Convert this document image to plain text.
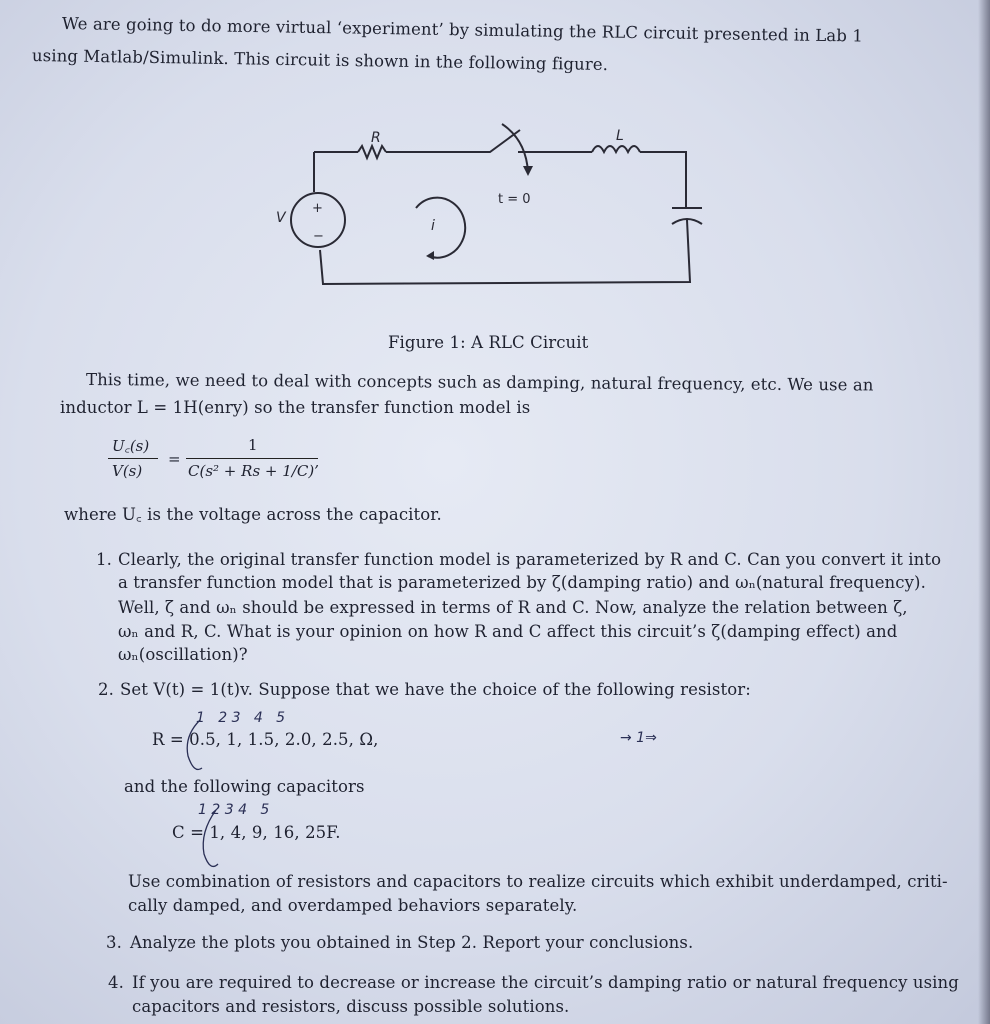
We are going to do more virtual ‘experiment’ by simulating the RLC circuit presented in Lab 1
using Matlab/Simulink. This circuit is shown in the following figure.
R	L
V	i
+
−
t = 0
Figure 1: A RLC Circuit
This time, we need to deal with concepts such as damping, natural frequency, etc. We use an
inductor L = 1H(enry) so the transfer function model is
U꜀(s)
V(s)
=
1
C(s² + Rs + 1/C)’
where U꜀ is the voltage across the capacitor.
1. Clearly, the original transfer function model is parameterized by R and C. Can you convert it into
a transfer function model that is parameterized by ζ(damping ratio) and ωₙ(natural frequency).
Well, ζ and ωₙ should be expressed in terms of R and C. Now, analyze the relation between ζ,
ωₙ and R, C. What is your opinion on how R and C affect this circuit’s ζ(damping effect) and
ωₙ(oscillation)?
2. Set V(t) = 1(t)v. Suppose that we have the choice of the following resistor:
1   2 3   4   5
R = 0.5, 1, 1.5, 2.0, 2.5, Ω,	→ 1⇒
and the following capacitors
1 2 3 4   5
C = 1, 4, 9, 16, 25F.
Use combination of resistors and capacitors to realize circuits which exhibit underdamped, criti-
cally damped, and overdamped behaviors separately.
3. Analyze the plots you obtained in Step 2. Report your conclusions.
4. If you are required to decrease or increase the circuit’s damping ratio or natural frequency using
capacitors and resistors, discuss possible solutions.
